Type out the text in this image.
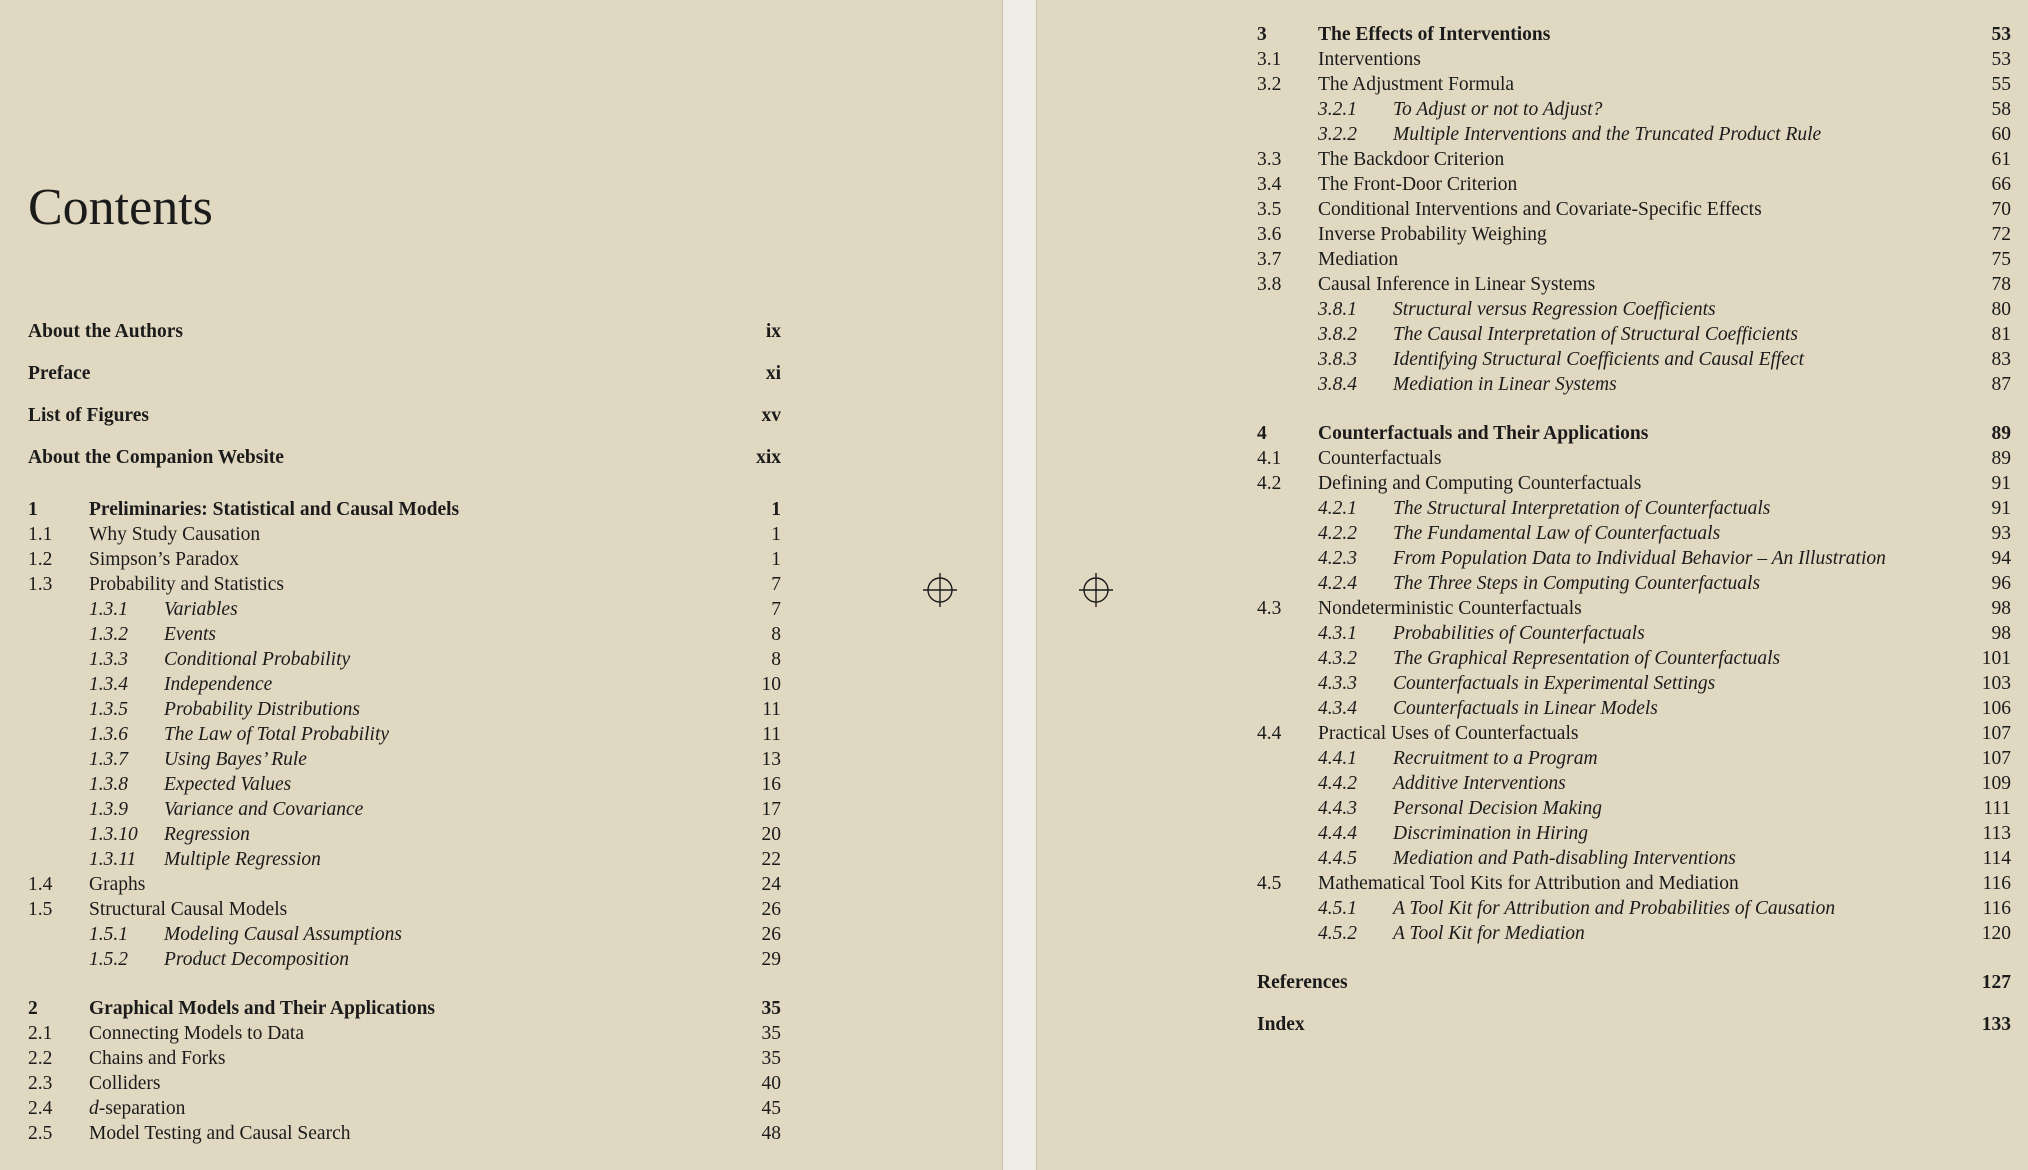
Contents
About the Authors	ix
Preface	xi
List of Figures	xv
About the Companion Website	xix
1	Preliminaries: Statistical and Causal Models	1
1.1 Why Study Causation	1
1.2 Simpson’s Paradox	1
1.3 Probability and Statistics	7
1.3.1 Variables	7
1.3.2 Events	8
1.3.3 Conditional Probability	8
1.3.4 Independence	10
1.3.5 Probability Distributions	11
1.3.6 The Law of Total Probability	11
1.3.7 Using Bayes’ Rule	13
1.3.8 Expected Values	16
1.3.9 Variance and Covariance	17
1.3.10 Regression	20
1.3.11 Multiple Regression	22
1.4 Graphs	24
1.5 Structural Causal Models	26
1.5.1 Modeling Causal Assumptions	26
1.5.2 Product Decomposition	29
2	Graphical Models and Their Applications	35
2.1 Connecting Models to Data	35
2.2 Chains and Forks	35
2.3 Colliders	40
2.4 d-separation	45
2.5 Model Testing and Causal Search	48
3	The Effects of Interventions	53
3.1 Interventions	53
3.2 The Adjustment Formula	55
3.2.1 To Adjust or not to Adjust?	58
3.2.2 Multiple Interventions and the Truncated Product Rule	60
3.3 The Backdoor Criterion	61
3.4 The Front-Door Criterion	66
3.5 Conditional Interventions and Covariate-Specific Effects	70
3.6 Inverse Probability Weighing	72
3.7 Mediation	75
3.8 Causal Inference in Linear Systems	78
3.8.1 Structural versus Regression Coefficients	80
3.8.2 The Causal Interpretation of Structural Coefficients	81
3.8.3 Identifying Structural Coefficients and Causal Effect	83
3.8.4 Mediation in Linear Systems	87
4	Counterfactuals and Their Applications	89
4.1 Counterfactuals	89
4.2 Defining and Computing Counterfactuals	91
4.2.1 The Structural Interpretation of Counterfactuals	91
4.2.2 The Fundamental Law of Counterfactuals	93
4.2.3 From Population Data to Individual Behavior – An Illustration	94
4.2.4 The Three Steps in Computing Counterfactuals	96
4.3 Nondeterministic Counterfactuals	98
4.3.1 Probabilities of Counterfactuals	98
4.3.2 The Graphical Representation of Counterfactuals	101
4.3.3 Counterfactuals in Experimental Settings	103
4.3.4 Counterfactuals in Linear Models	106
4.4 Practical Uses of Counterfactuals	107
4.4.1 Recruitment to a Program	107
4.4.2 Additive Interventions	109
4.4.3 Personal Decision Making	111
4.4.4 Discrimination in Hiring	113
4.4.5 Mediation and Path-disabling Interventions	114
4.5 Mathematical Tool Kits for Attribution and Mediation	116
4.5.1 A Tool Kit for Attribution and Probabilities of Causation	116
4.5.2 A Tool Kit for Mediation	120
References	127
Index	133
